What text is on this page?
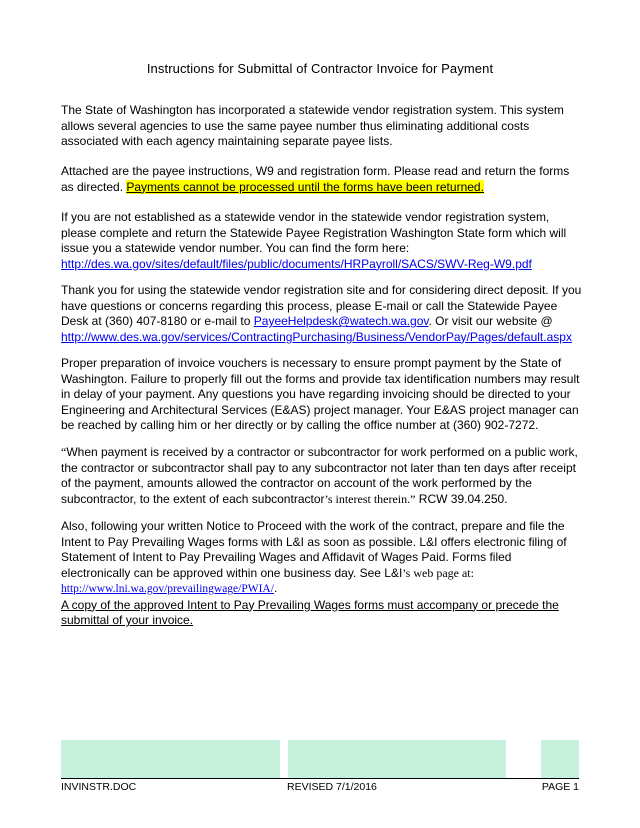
Instructions for Submittal of Contractor Invoice for Payment

The State of Washington has incorporated a statewide vendor registration system. This system allows several agencies to use the same payee number thus eliminating additional costs associated with each agency maintaining separate payee lists.

Attached are the payee instructions, W9 and registration form. Please read and return the forms as directed. Payments cannot be processed until the forms have been returned.

If you are not established as a statewide vendor in the statewide vendor registration system, please complete and return the Statewide Payee Registration Washington State form which will issue you a statewide vendor number. You can find the form here:
http://des.wa.gov/sites/default/files/public/documents/HRPayroll/SACS/SWV-Reg-W9.pdf

Thank you for using the statewide vendor registration site and for considering direct deposit. If you have questions or concerns regarding this process, please E-mail or call the Statewide Payee Desk at (360) 407-8180 or e-mail to PayeeHelpdesk@watech.wa.gov. Or visit our website @
http://www.des.wa.gov/services/ContractingPurchasing/Business/VendorPay/Pages/default.aspx

Proper preparation of invoice vouchers is necessary to ensure prompt payment by the State of Washington. Failure to properly fill out the forms and provide tax identification numbers may result in delay of your payment. Any questions you have regarding invoicing should be directed to your Engineering and Architectural Services (E&AS) project manager. Your E&AS project manager can be reached by calling him or her directly or by calling the office number at (360) 902-7272.

“When payment is received by a contractor or subcontractor for work performed on a public work, the contractor or subcontractor shall pay to any subcontractor not later than ten days after receipt of the payment, amounts allowed the contractor on account of the work performed by the subcontractor, to the extent of each subcontractor’s interest therein.” RCW 39.04.250.

Also, following your written Notice to Proceed with the work of the contract, prepare and file the Intent to Pay Prevailing Wages forms with L&I as soon as possible. L&I offers electronic filing of Statement of Intent to Pay Prevailing Wages and Affidavit of Wages Paid. Forms filed electronically can be approved within one business day. See L&I’s web page at: http://www.lni.wa.gov/prevailingwage/PWIA/.
A copy of the approved Intent to Pay Prevailing Wages forms must accompany or precede the submittal of your invoice.

INVINSTR.DOC	REVISED 7/1/2016	PAGE 1
